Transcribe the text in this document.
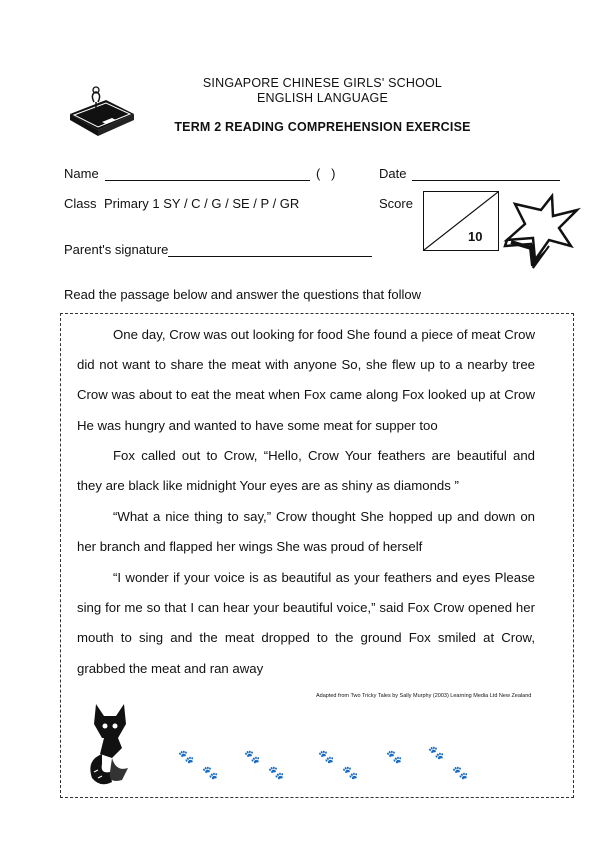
SINGAPORE CHINESE GIRLS' SCHOOL
ENGLISH LANGUAGE
TERM 2 READING COMPREHENSION EXERCISE
Name	(   )	Date
Class Primary 1 SY / C / G / SE / P / GR	Score
10
Parent's signature
Read the passage below and answer the questions that follow
One day, Crow was out looking for food She found a piece of meat Crow did not want to share the meat with anyone So, she flew up to a nearby tree Crow was about to eat the meat when Fox came along Fox looked up at Crow He was hungry and wanted to have some meat for supper too
Fox called out to Crow, “Hello, Crow Your feathers are beautiful and they are black like midnight Your eyes are as shiny as diamonds ”
“What a nice thing to say,” Crow thought She hopped up and down on her branch and flapped her wings She was proud of herself
“I wonder if your voice is as beautiful as your feathers and eyes Please sing for me so that I can hear your beautiful voice,” said Fox Crow opened her mouth to sing and the meat dropped to the ground Fox smiled at Crow, grabbed the meat and ran away
Adapted from Two Tricky Tales by Sally Murphy (2003) Learning Media Ltd New Zealand
🐾
🐾
🐾
🐾
🐾
🐾
🐾 🐾
🐾
